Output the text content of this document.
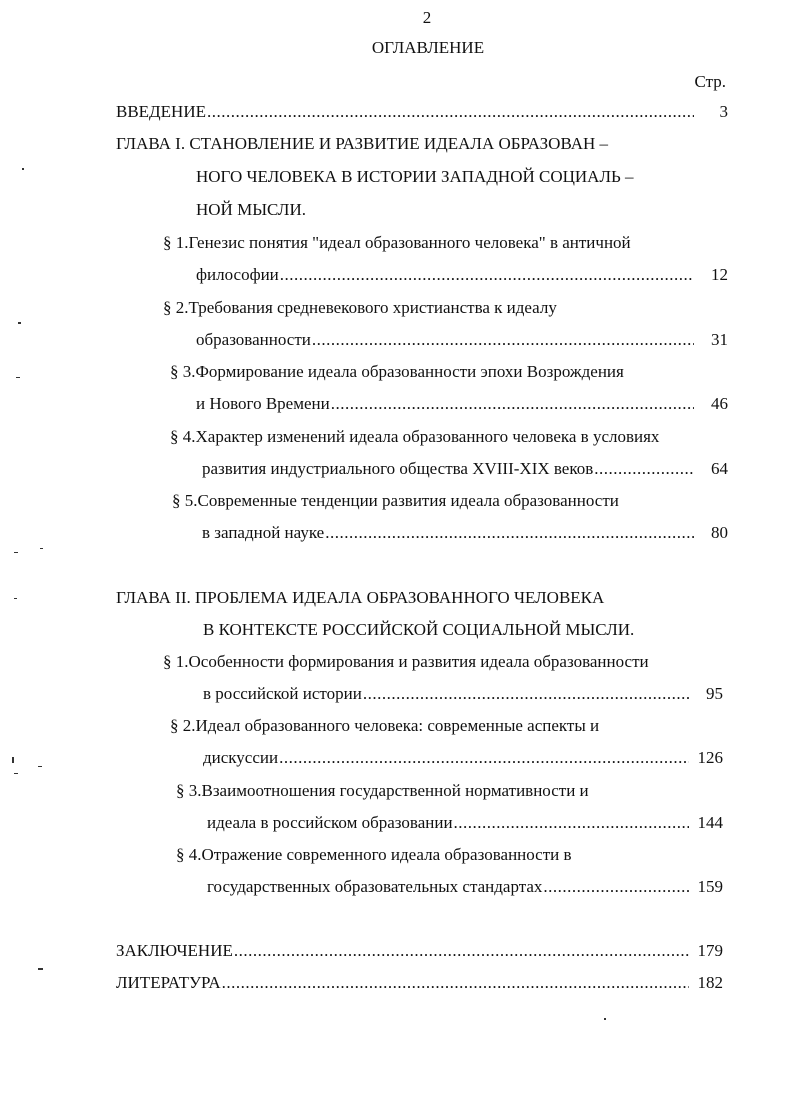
2
ОГЛАВЛЕНИЕ
Стр.
ВВЕДЕНИЕ .....	3
ГЛАВА I. СТАНОВЛЕНИЕ И РАЗВИТИЕ ИДЕАЛА ОБРАЗОВАН –
НОГО ЧЕЛОВЕКА В ИСТОРИИ ЗАПАДНОЙ СОЦИАЛЬ –
НОЙ МЫСЛИ.
§ 1.Генезис понятия "идеал образованного человека" в античной
философии .....	12
§ 2.Требования средневекового христианства к идеалу
образованности .....	31
§ 3.Формирование идеала образованности эпохи Возрождения
и Нового Времени .....	46
§ 4.Характер изменений идеала образованного человека в условиях
развития индустриального общества XVIII-XIX веков .....	64
§ 5.Современные тенденции развития идеала образованности
в западной науке .....	80
ГЛАВА II. ПРОБЛЕМА ИДЕАЛА ОБРАЗОВАННОГО ЧЕЛОВЕКА
В КОНТЕКСТЕ РОССИЙСКОЙ СОЦИАЛЬНОЙ МЫСЛИ.
§ 1.Особенности формирования и развития идеала образованности
в российской истории .....	95
§ 2.Идеал образованного человека: современные аспекты и
дискуссии .....	126
§ 3.Взаимоотношения государственной нормативности и
идеала в российском образовании .....	144
§ 4.Отражение современного идеала образованности в
государственных образовательных стандартах .....	159
ЗАКЛЮЧЕНИЕ .....	179
ЛИТЕРАТУРА .....	182
